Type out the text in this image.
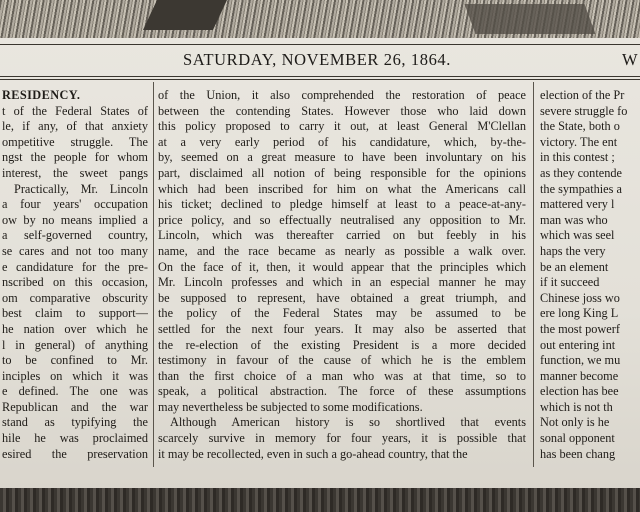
SATURDAY, NOVEMBER 26, 1864.	W
RESIDENCY.
t of the Federal States of
le, if any, of that anxiety
ompetitive struggle. The
ngst the people for whom
interest, the sweet pangs
Practically, Mr. Lincoln
a four years' occupation
ow by no means implied a
a self-governed country,
se cares and not too many
e candidature for the pre-
nscribed on this occasion,
om comparative obscurity
best claim to support—
he nation over which he
l in general) of anything
to be confined to Mr.
inciples on which it was
e defined. The one was
Republican and the war
stand as typifying the
hile he was proclaimed
esired the preservation
of the Union, it also comprehended the restoration of peace
between the contending States. However those who laid down
this policy proposed to carry it out, at least General M'Clellan
at a very early period of his candidature, which, by-the-
by, seemed on a great measure to have been involuntary on his
part, disclaimed all notion of being responsible for the opinions
which had been inscribed for him on what the Americans call
his ticket; declined to pledge himself at least to a peace-at-any-
price policy, and so effectually neutralised any opposition to Mr.
Lincoln, which was thereafter carried on but feebly in his
name, and the race became as nearly as possible a walk over.
On the face of it, then, it would appear that the principles which
Mr. Lincoln professes and which in an especial manner he may
be supposed to represent, have obtained a great triumph, and
the policy of the Federal States may be assumed to be
settled for the next four years. It may also be asserted that
the re-election of the existing President is a more decided
testimony in favour of the cause of which he is the emblem
than the first choice of a man who was at that time, so to
speak, a political abstraction. The force of these assumptions
may nevertheless be subjected to some modifications.
Although American history is so shortlived that events
scarcely survive in memory for four years, it is possible that
it may be recollected, even in such a go-ahead country, that the
election of the Pr
severe struggle fo
the State, both o
victory. The ent
in this contest ;
as they contende
the sympathies a
mattered very l
man was who
which was seel
haps the very
be an element
if it succeed
Chinese joss wo
ere long King L
the most powerf
out entering int
function, we mu
manner become
election has bee
which is not th
Not only is he
sonal opponent
has been chang
